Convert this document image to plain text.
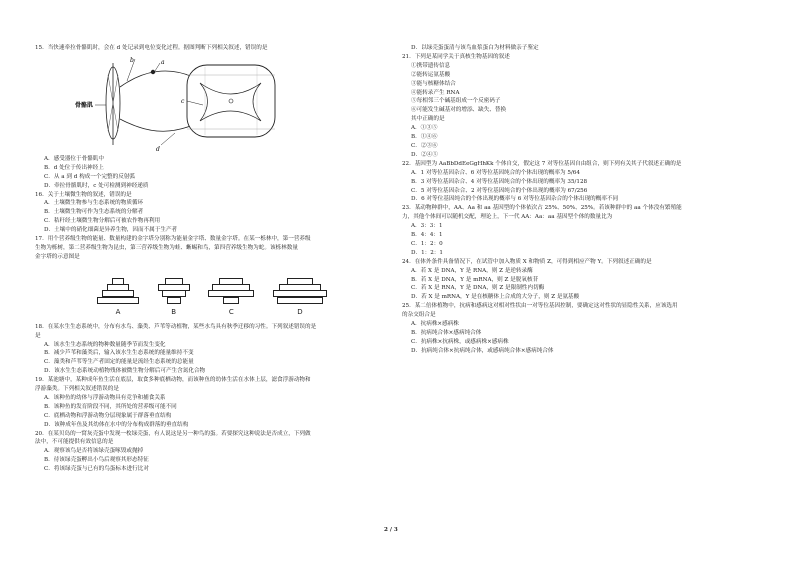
15．当快速牵拉骨骼肌时，会在 d 处记录到电位变化过程。据图判断下列相关叙述，错误的是
骨骼肌
b	a
c
d
A．感受器位于骨骼肌中
B．d 处位于传出神经上
C．从 a 到 d 构成一个完整的反射弧
D．牵拉骨骼肌时，c 处可检测到神经递质
16．关于土壤微生物的叙述，错误的是
A．土壤微生物参与生态系统的物质循环
B．土壤微生物可作为生态系统的分解者
C．秸秆经土壤微生物分解后可被农作物再利用
D．土壤中的硝化细菌是异养生物，因而不属于生产者
17．用个营养级生物的能量、数量构建的金字塔分别称为能量金字塔、数量金字塔。在某一栎林中，第一营养级
生物为栎树，第二营养级生物为昆虫，第三营养级生物为蛙、蜥蜴和鸟，第四营养级生物为蛇。该栎林数量
金字塔的示意图是
A	B	C	D
18．在某水生生态系统中，分布有水鸟、藻类、芦苇等动植物，某些水鸟具有秋季迁移的习性。下列叙述错误的是
是
A．该水生生态系统的物种数量随季节而发生变化
B．减少芦苇和藻类后，输入该水生生态系统的能量维持不变
C．藻类和芦苇等生产者固定的能量是流经生态系统的总能量
D．该水生生态系统动植物残体被微生物分解后可产生含氮化合物
19．某池塘中，某种成年鱼生活在底层，取食多种底栖动物，而该种鱼的幼体生活在水体上层，滤食浮游动物和
浮游藻类。下列相关叙述错误的是
A．该种鱼的幼体与浮游动物具有竞争和捕食关系
B．该种鱼的发育阶段不同，其所处的营养级可能不同
C．底栖动物和浮游动物分层现象属于群落垂直结构
D．该种成年鱼及其幼体在水中的分布构成群落的垂直结构
20．在某贝岛的一窝灰壳蛋中发现一枚绿壳蛋，有人说这是另一种鸟的蛋。若要探究这种说法是否成立，下列做
法中，不可能提供有效信息的是
A．观察该鸟是否将该绿壳蛋啄毁或抛掉
B．待该绿壳蛋孵出小鸟后观察其形态特征
C．将该绿壳蛋与已有的鸟蛋标本进行比对
D．以绿壳蛋蛋清与该鸟血浆蛋白为材料做亲子鉴定
21．下列是某同学关于真核生物基因的叙述
①携带遗传信息
②能转运氨基酸
③能与核糖体结合
④能转录产生 RNA
⑤每相邻三个碱基组成一个反密码子
⑥可能发生碱基对的增添、缺失、替换
其中正确的是
A．①③⑤
B．①④⑥
C．②③⑥
D．②④⑤
22．基因型为 AaBbDdEeGgHhKk 个体自交，假定这 7 对等位基因自由组合，则下列有关其子代叙述正确的是
A．1 对等位基因杂合、6 对等位基因纯合的个体出现的概率为 5/64
B．3 对等位基因杂合、4 对等位基因纯合的个体出现的概率为 35/128
C．5 对等位基因杂合、2 对等位基因纯合的个体出现的概率为 67/256
D．6 对等位基因纯合的个体出现的概率与 6 对等位基因杂合的个体出现的概率不同
23．某动物种群中，AA、Aa 和 aa 基因型的个体依次占 25%、50%、25%。若该种群中的 aa 个体没有繁殖能
力，其他个体间可以随机交配，理论上，下一代 AA：Aa：aa 基因型个体的数量比为
A．3：3：1
B．4：4：1
C．1：2：0
D．1：2：1
24．在体外条件具备情况下，在试管中加入物质 X 和物质 Z，可得到相应产物 Y。下列叙述正确的是
A．若 X 是 DNA，Y 是 RNA，则 Z 是逆转录酶
B．若 X 是 DNA，Y 是 mRNA，则 Z 是脱氧核苷
C．若 X 是 RNA，Y 是 DNA，则 Z 是限制性内切酶
D．若 X 是 mRNA，Y 是在核糖体上合成的大分子，则 Z 是氨基酸
25．某二倍体植物中，抗病和感病这对相对性状由一对等位基因控制，要确定这对性状的显隐性关系，应该选用
的杂交组合是
A．抗病株×感病株
B．抗病纯合体×感病纯合体
C．抗病株×抗病株，或感病株×感病株
D．抗病纯合体×抗病纯合体，或感病纯合体×感病纯合体
2 / 3
